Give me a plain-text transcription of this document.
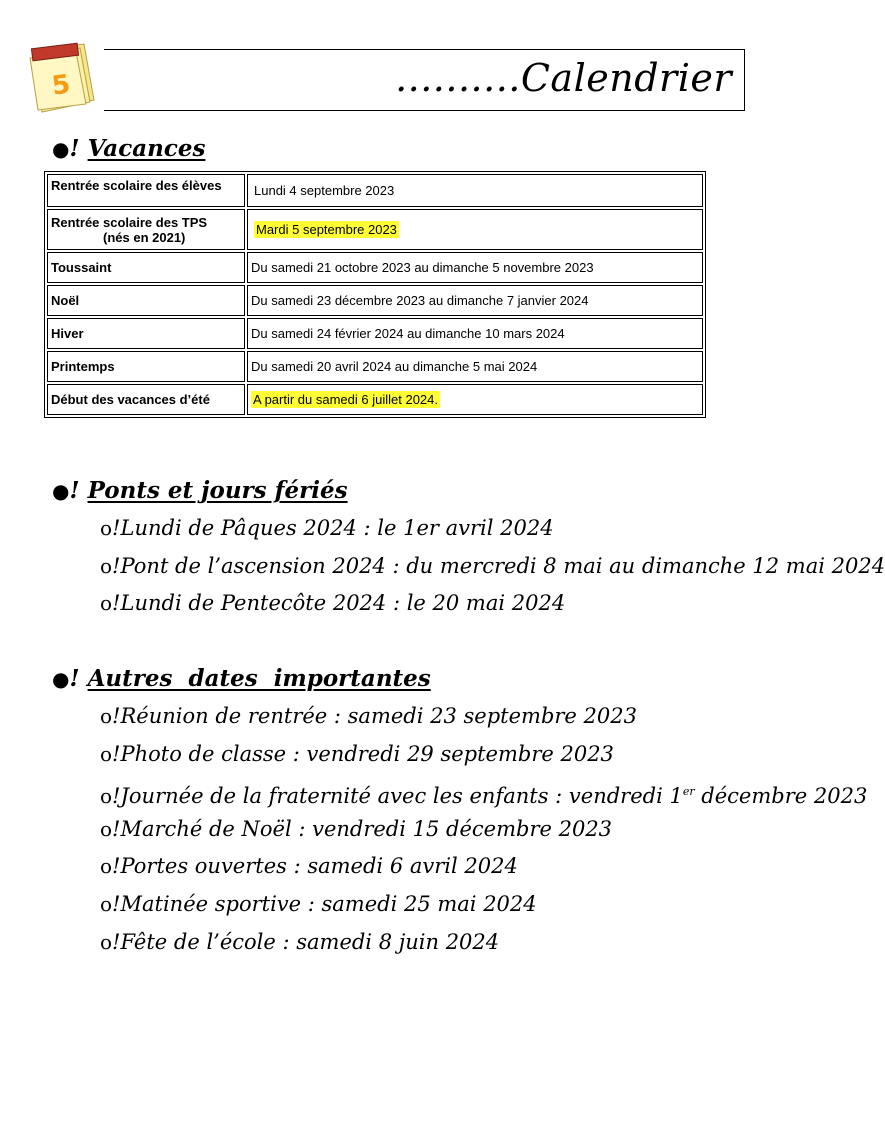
5	..........Calendrier
●! Vacances
Rentrée scolaire des élèves	Lundi 4 septembre 2023

Rentrée scolaire des TPS
(nés en 2021)	Mardi 5 septembre 2023
Toussaint	Du samedi 21 octobre 2023 au dimanche 5 novembre 2023
Noël	Du samedi 23 décembre 2023 au dimanche 7 janvier 2024
Hiver	Du samedi 24 février 2024 au dimanche 10 mars 2024
Printemps	Du samedi 20 avril 2024 au dimanche 5 mai 2024
Début des vacances d’été	A partir du samedi 6 juillet 2024.
●! Ponts et jours fériés
o!Lundi de Pâques 2024 : le 1er avril 2024
o!Pont de l’ascension 2024 : du mercredi 8 mai au dimanche 12 mai 2024
o!Lundi de Pentecôte 2024 : le 20 mai 2024
●! Autres  dates  importantes
o!Réunion de rentrée : samedi 23 septembre 2023
o!Photo de classe : vendredi 29 septembre 2023
o!Journée de la fraternité avec les enfants : vendredi 1er décembre 2023
o!Marché de Noël : vendredi 15 décembre 2023
o!Portes ouvertes : samedi 6 avril 2024
o!Matinée sportive : samedi 25 mai 2024
o!Fête de l’école : samedi 8 juin 2024
